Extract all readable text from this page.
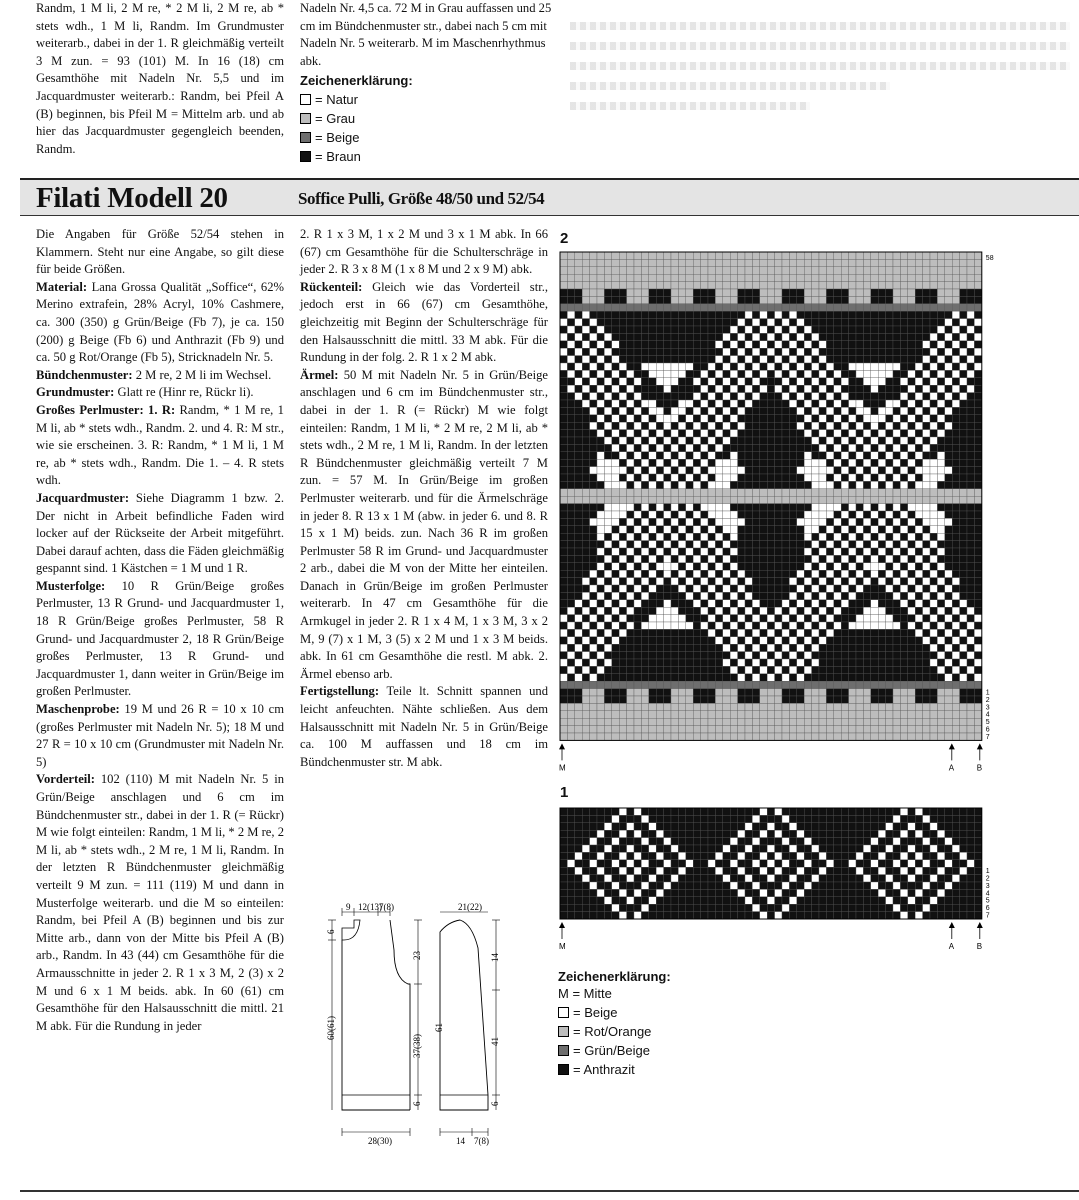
Randm, 1 M li, 2 M re, * 2 M li, 2 M re, ab * stets wdh., 1 M li, Randm. Im Grundmuster weiterarb., dabei in der 1. R gleichmäßig verteilt 3 M zun. = 93 (101) M. In 16 (18) cm Gesamthöhe mit Nadeln Nr. 5,5 und im Jacquardmuster weiterarb.: Randm, bei Pfeil A (B) beginnen, bis Pfeil M = Mittelm arb. und ab hier das Jacquardmuster gegengleich beenden, Randm.

Nadeln Nr. 4,5 ca. 72 M in Grau auffassen und 25 cm im Bündchenmuster str., dabei nach 5 cm mit Nadeln Nr. 5 weiterarb. M im Maschenrhythmus abk.

Zeichenerklärung:
= Natur
= Grau
= Beige
= Braun
Filati Modell 20	Soffice Pulli, Größe 48/50 und 52/54

Die Angaben für Größe 52/54 stehen in Klammern. Steht nur eine Angabe, so gilt diese für beide Größen.

Material: Lana Grossa Qualität „Soffice“, 62% Merino extrafein, 28% Acryl, 10% Cashmere, ca. 300 (350) g Grün/Beige (Fb 7), je ca. 150 (200) g Beige (Fb 6) und Anthrazit (Fb 9) und ca. 50 g Rot/Orange (Fb 5), Stricknadeln Nr. 5.

Bündchenmuster: 2 M re, 2 M li im Wechsel.

Grundmuster: Glatt re (Hinr re, Rückr li).

Großes Perlmuster: 1. R: Randm, * 1 M re, 1 M li, ab * stets wdh., Randm. 2. und 4. R: M str., wie sie erscheinen. 3. R: Randm, * 1 M li, 1 M re, ab * stets wdh., Randm. Die 1. – 4. R stets wdh.

Jacquardmuster: Siehe Diagramm 1 bzw. 2. Der nicht in Arbeit befindliche Faden wird locker auf der Rückseite der Arbeit mitgeführt. Dabei darauf achten, dass die Fäden gleichmäßig gespannt sind. 1 Kästchen = 1 M und 1 R.

Musterfolge: 10 R Grün/Beige großes Perlmuster, 13 R Grund- und Jacquardmuster 1, 18 R Grün/Beige großes Perlmuster, 58 R Grund- und Jacquardmuster 2, 18 R Grün/Beige großes Perlmuster, 13 R Grund- und Jacquardmuster 1, dann weiter in Grün/Beige im großen Perlmuster.

Maschenprobe: 19 M und 26 R = 10 x 10 cm (großes Perlmuster mit Nadeln Nr. 5); 18 M und 27 R = 10 x 10 cm (Grundmuster mit Nadeln Nr. 5)

Vorderteil: 102 (110) M mit Nadeln Nr. 5 in Grün/Beige anschlagen und 6 cm im Bündchenmuster str., dabei in der 1. R (= Rückr) M wie folgt einteilen: Randm, 1 M li, * 2 M re, 2 M li, ab * stets wdh., 2 M re, 1 M li, Randm. In der letzten R Bündchenmuster gleichmäßig verteilt 9 M zun. = 111 (119) M und dann in Musterfolge weiterarb. und die M so einteilen: Randm, bei Pfeil A (B) beginnen und bis zur Mitte arb., dann von der Mitte bis Pfeil A (B) arb., Randm. In 43 (44) cm Gesamthöhe für die Armausschnitte in jeder 2. R 1 x 3 M, 2 (3) x 2 M und 6 x 1 M beids. abk. In 60 (61) cm Gesamthöhe für den Halsausschnitt die mittl. 21 M abk. Für die Rundung in jeder

2. R 1 x 3 M, 1 x 2 M und 3 x 1 M abk. In 66 (67) cm Gesamthöhe für die Schulterschräge in jeder 2. R 3 x 8 M (1 x 8 M und 2 x 9 M) abk.

Rückenteil: Gleich wie das Vorderteil str., jedoch erst in 66 (67) cm Gesamthöhe, gleichzeitig mit Beginn der Schulterschräge für den Halsausschnitt die mittl. 33 M abk. Für die Rundung in der folg. 2. R 1 x 2 M abk.

Ärmel: 50 M mit Nadeln Nr. 5 in Grün/Beige anschlagen und 6 cm im Bündchenmuster str., dabei in der 1. R (= Rückr) M wie folgt einteilen: Randm, 1 M li, * 2 M re, 2 M li, ab * stets wdh., 2 M re, 1 M li, Randm. In der letzten R Bündchenmuster gleichmäßig verteilt 7 M zun. = 57 M. In Grün/Beige im großen Perlmuster weiterarb. und für die Ärmelschräge in jeder 8. R 13 x 1 M (abw. in jeder 6. und 8. R 15 x 1 M) beids. zun. Nach 36 R im großen Perlmuster 58 R im Grund- und Jacquardmuster 2 arb., dabei die M von der Mitte her einteilen. Danach in Grün/Beige im großen Perlmuster weiterarb. In 47 cm Gesamthöhe für die Armkugel in jeder 2. R 1 x 4 M, 1 x 3 M, 3 x 2 M, 9 (7) x 1 M, 3 (5) x 2 M und 1 x 3 M beids. abk. In 61 cm Gesamthöhe die restl. M abk. 2. Ärmel ebenso arb.

Fertigstellung: Teile lt. Schnitt spannen und leicht anfeuchten. Nähte schließen. Aus dem Halsausschnitt mit Nadeln Nr. 5 in Grün/Beige ca. 100 M auffassen und 18 cm im Bündchenmuster str. M abk.

9 12(13)
7(8)
6
60(61)
23
37(38)
6
28(30)
21(22)
14
61
41
6
14 7(8)
2
7
6
5
4
3
2
1
58
M	A	B
1
7
6
5
4
3
2
1
M	A	B
Zeichenerklärung:
M = Mitte
= Beige
= Rot/Orange
= Grün/Beige
= Anthrazit
